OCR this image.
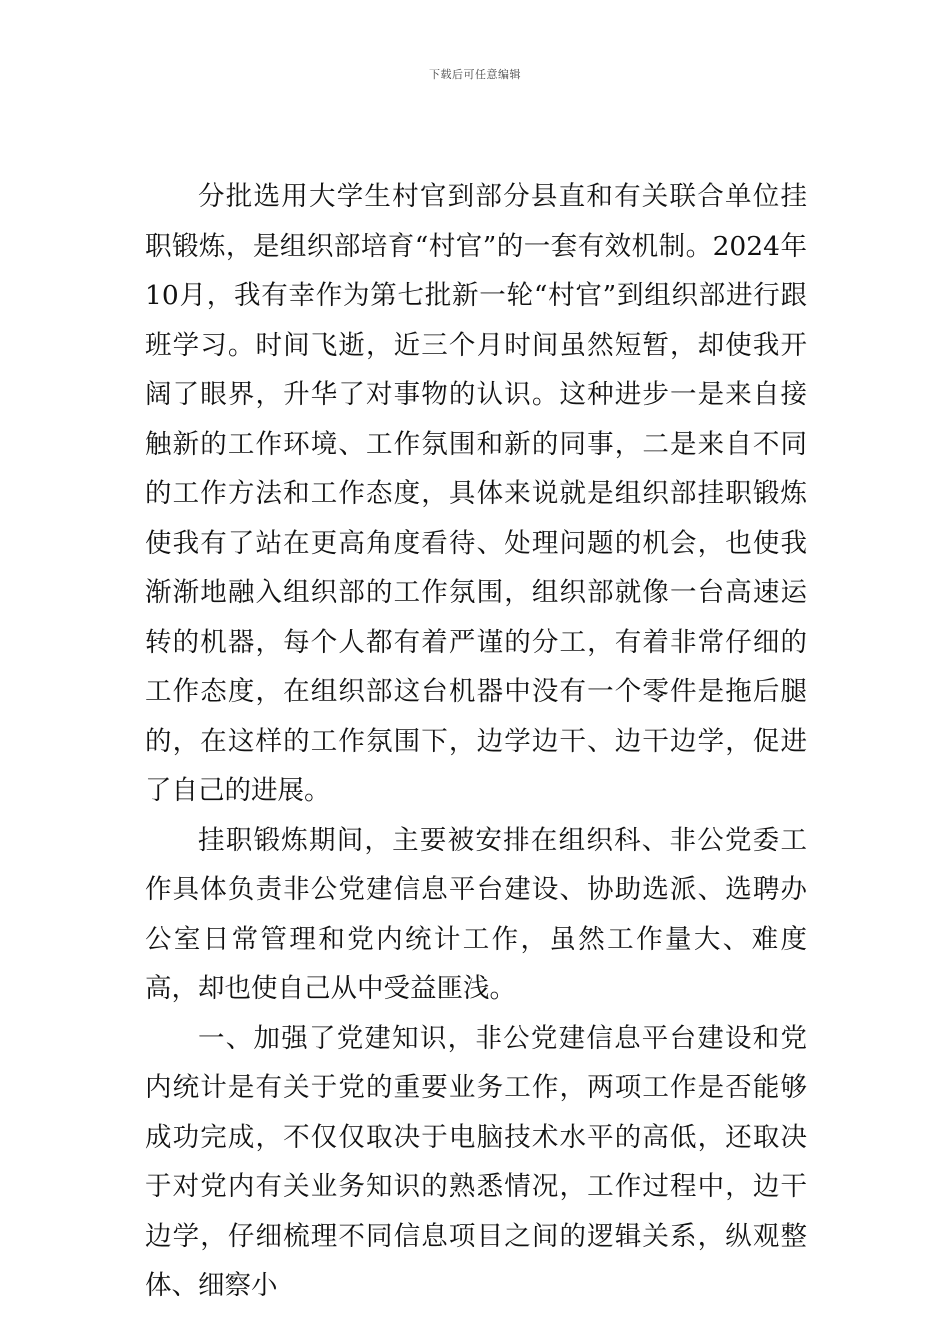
下载后可任意编辑

分批选用大学生村官到部分县直和有关联合单位挂职锻炼，是组织部培育“村官”的一套有效机制。2024年10月，我有幸作为第七批新一轮“村官”到组织部进行跟班学习。时间飞逝，近三个月时间虽然短暂，却使我开阔了眼界，升华了对事物的认识。这种进步一是来自接触新的工作环境、工作氛围和新的同事，二是来自不同的工作方法和工作态度，具体来说就是组织部挂职锻炼使我有了站在更高角度看待、处理问题的机会，也使我渐渐地融入组织部的工作氛围，组织部就像一台高速运转的机器，每个人都有着严谨的分工，有着非常仔细的工作态度，在组织部这台机器中没有一个零件是拖后腿的，在这样的工作氛围下，边学边干、边干边学，促进了自己的进展。

挂职锻炼期间，主要被安排在组织科、非公党委工作具体负责非公党建信息平台建设、协助选派、选聘办公室日常管理和党内统计工作，虽然工作量大、难度高，却也使自己从中受益匪浅。

一、加强了党建知识，非公党建信息平台建设和党内统计是有关于党的重要业务工作，两项工作是否能够成功完成，不仅仅取决于电脑技术水平的高低，还取决于对党内有关业务知识的熟悉情况，工作过程中，边干边学，仔细梳理不同信息项目之间的逻辑关系，纵观整体、细察小
